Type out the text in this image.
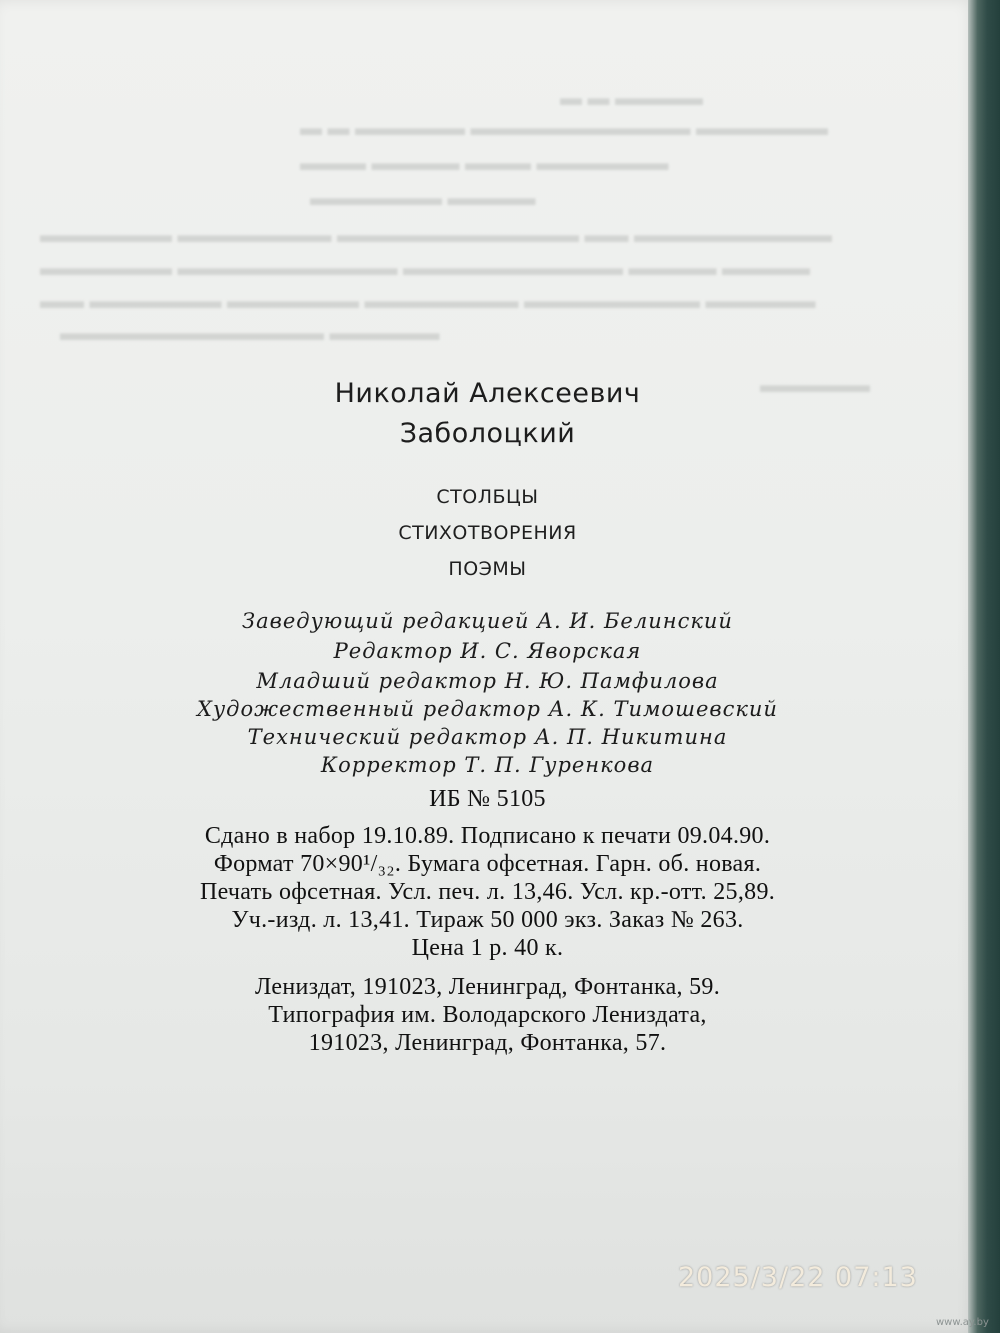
▬▬▬▬ ▬ ▬
▬▬▬▬▬▬ ▬▬▬▬▬▬▬▬▬▬ ▬▬▬▬▬ ▬ ▬
▬▬▬▬▬▬ ▬▬▬ ▬▬▬▬ ▬▬▬
▬▬▬▬ ▬▬▬▬▬▬
▬▬▬▬▬▬▬▬▬ ▬▬ ▬▬▬▬▬▬▬▬▬▬▬ ▬▬▬▬▬▬▬ ▬▬▬▬▬▬
▬▬▬▬ ▬▬▬▬ ▬▬▬▬▬▬▬▬▬▬ ▬▬▬▬▬▬▬▬▬▬ ▬▬▬▬▬▬
▬▬▬▬▬ ▬▬▬▬▬▬▬▬ ▬▬▬▬▬▬▬ ▬▬▬▬▬▬ ▬▬▬▬▬▬ ▬▬
▬▬▬▬▬ ▬▬▬▬▬▬▬▬▬▬▬▬
▬▬▬▬▬
Николай Алексеевич
Заболоцкий
СТОЛБЦЫ
СТИХОТВОРЕНИЯ
ПОЭМЫ
Заведующий редакцией А. И. Белинский
Редактор И. С. Яворская
Младший редактор Н. Ю. Памфилова
Художественный редактор А. К. Тимошевский
Технический редактор А. П. Никитина
Корректор Т. П. Гуренкова
ИБ № 5105
Сдано в набор 19.10.89. Подписано к печати 09.04.90.
Формат 70×90¹/₃₂. Бумага офсетная. Гарн. об. новая.
Печать офсетная. Усл. печ. л. 13,46. Усл. кр.-отт. 25,89.
Уч.-изд. л. 13,41. Тираж 50 000 экз. Заказ № 263.
Цена 1 р. 40 к.
Лениздат, 191023, Ленинград, Фонтанка, 59.
Типография им. Володарского Лениздата,
191023, Ленинград, Фонтанка, 57.
2025/3/22 07:13
www.ay.by
